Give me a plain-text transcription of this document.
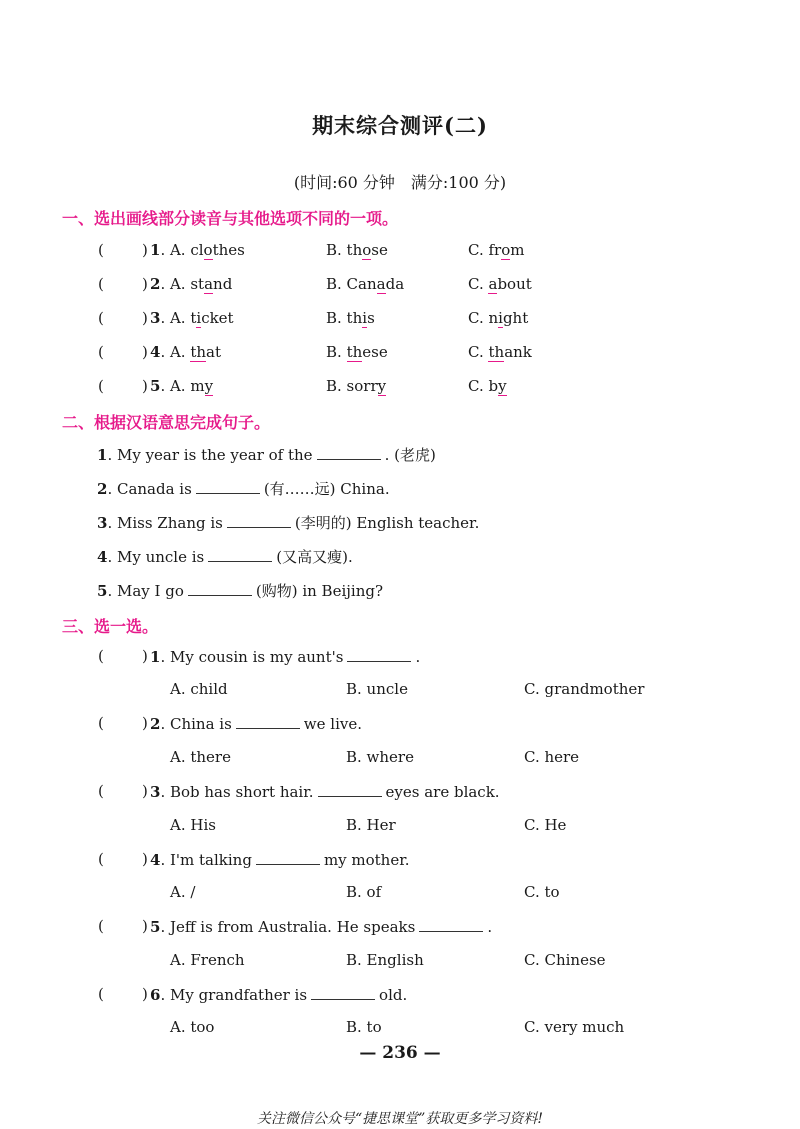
期末综合测评(二)
(时间:60 分钟　满分:100 分)
一、选出画线部分读音与其他选项不同的一项。
(	) 1. A. clothes	B. those	C. from
(	) 2. A. stand	B. Canada	C. about
(	) 3. A. ticket	B. this	C. night
(	) 4. A. that	B. these	C. thank
(	) 5. A. my	B. sorry	C. by
二、根据汉语意思完成句子。
1. My year is the year of the	. (老虎)
2. Canada is	(有……远) China.
3. Miss Zhang is	(李明的) English teacher.
4. My uncle is	(又高又瘦).
5. May I go	(购物) in Beijing?
三、选一选。
(	) 1. My cousin is my aunt's	.
A. child	B. uncle	C. grandmother
(	) 2. China is	we live.
A. there	B. where	C. here
(	) 3. Bob has short hair.	eyes are black.
A. His	B. Her	C. He
(	) 4. I'm talking	my mother.
A. /	B. of	C. to
(	) 5. Jeff is from Australia. He speaks	.
A. French	B. English	C. Chinese
(	) 6. My grandfather is	old.
A. too	B. to	C. very much
— 236 —
关注微信公众号“捷思课堂”获取更多学习资料!
